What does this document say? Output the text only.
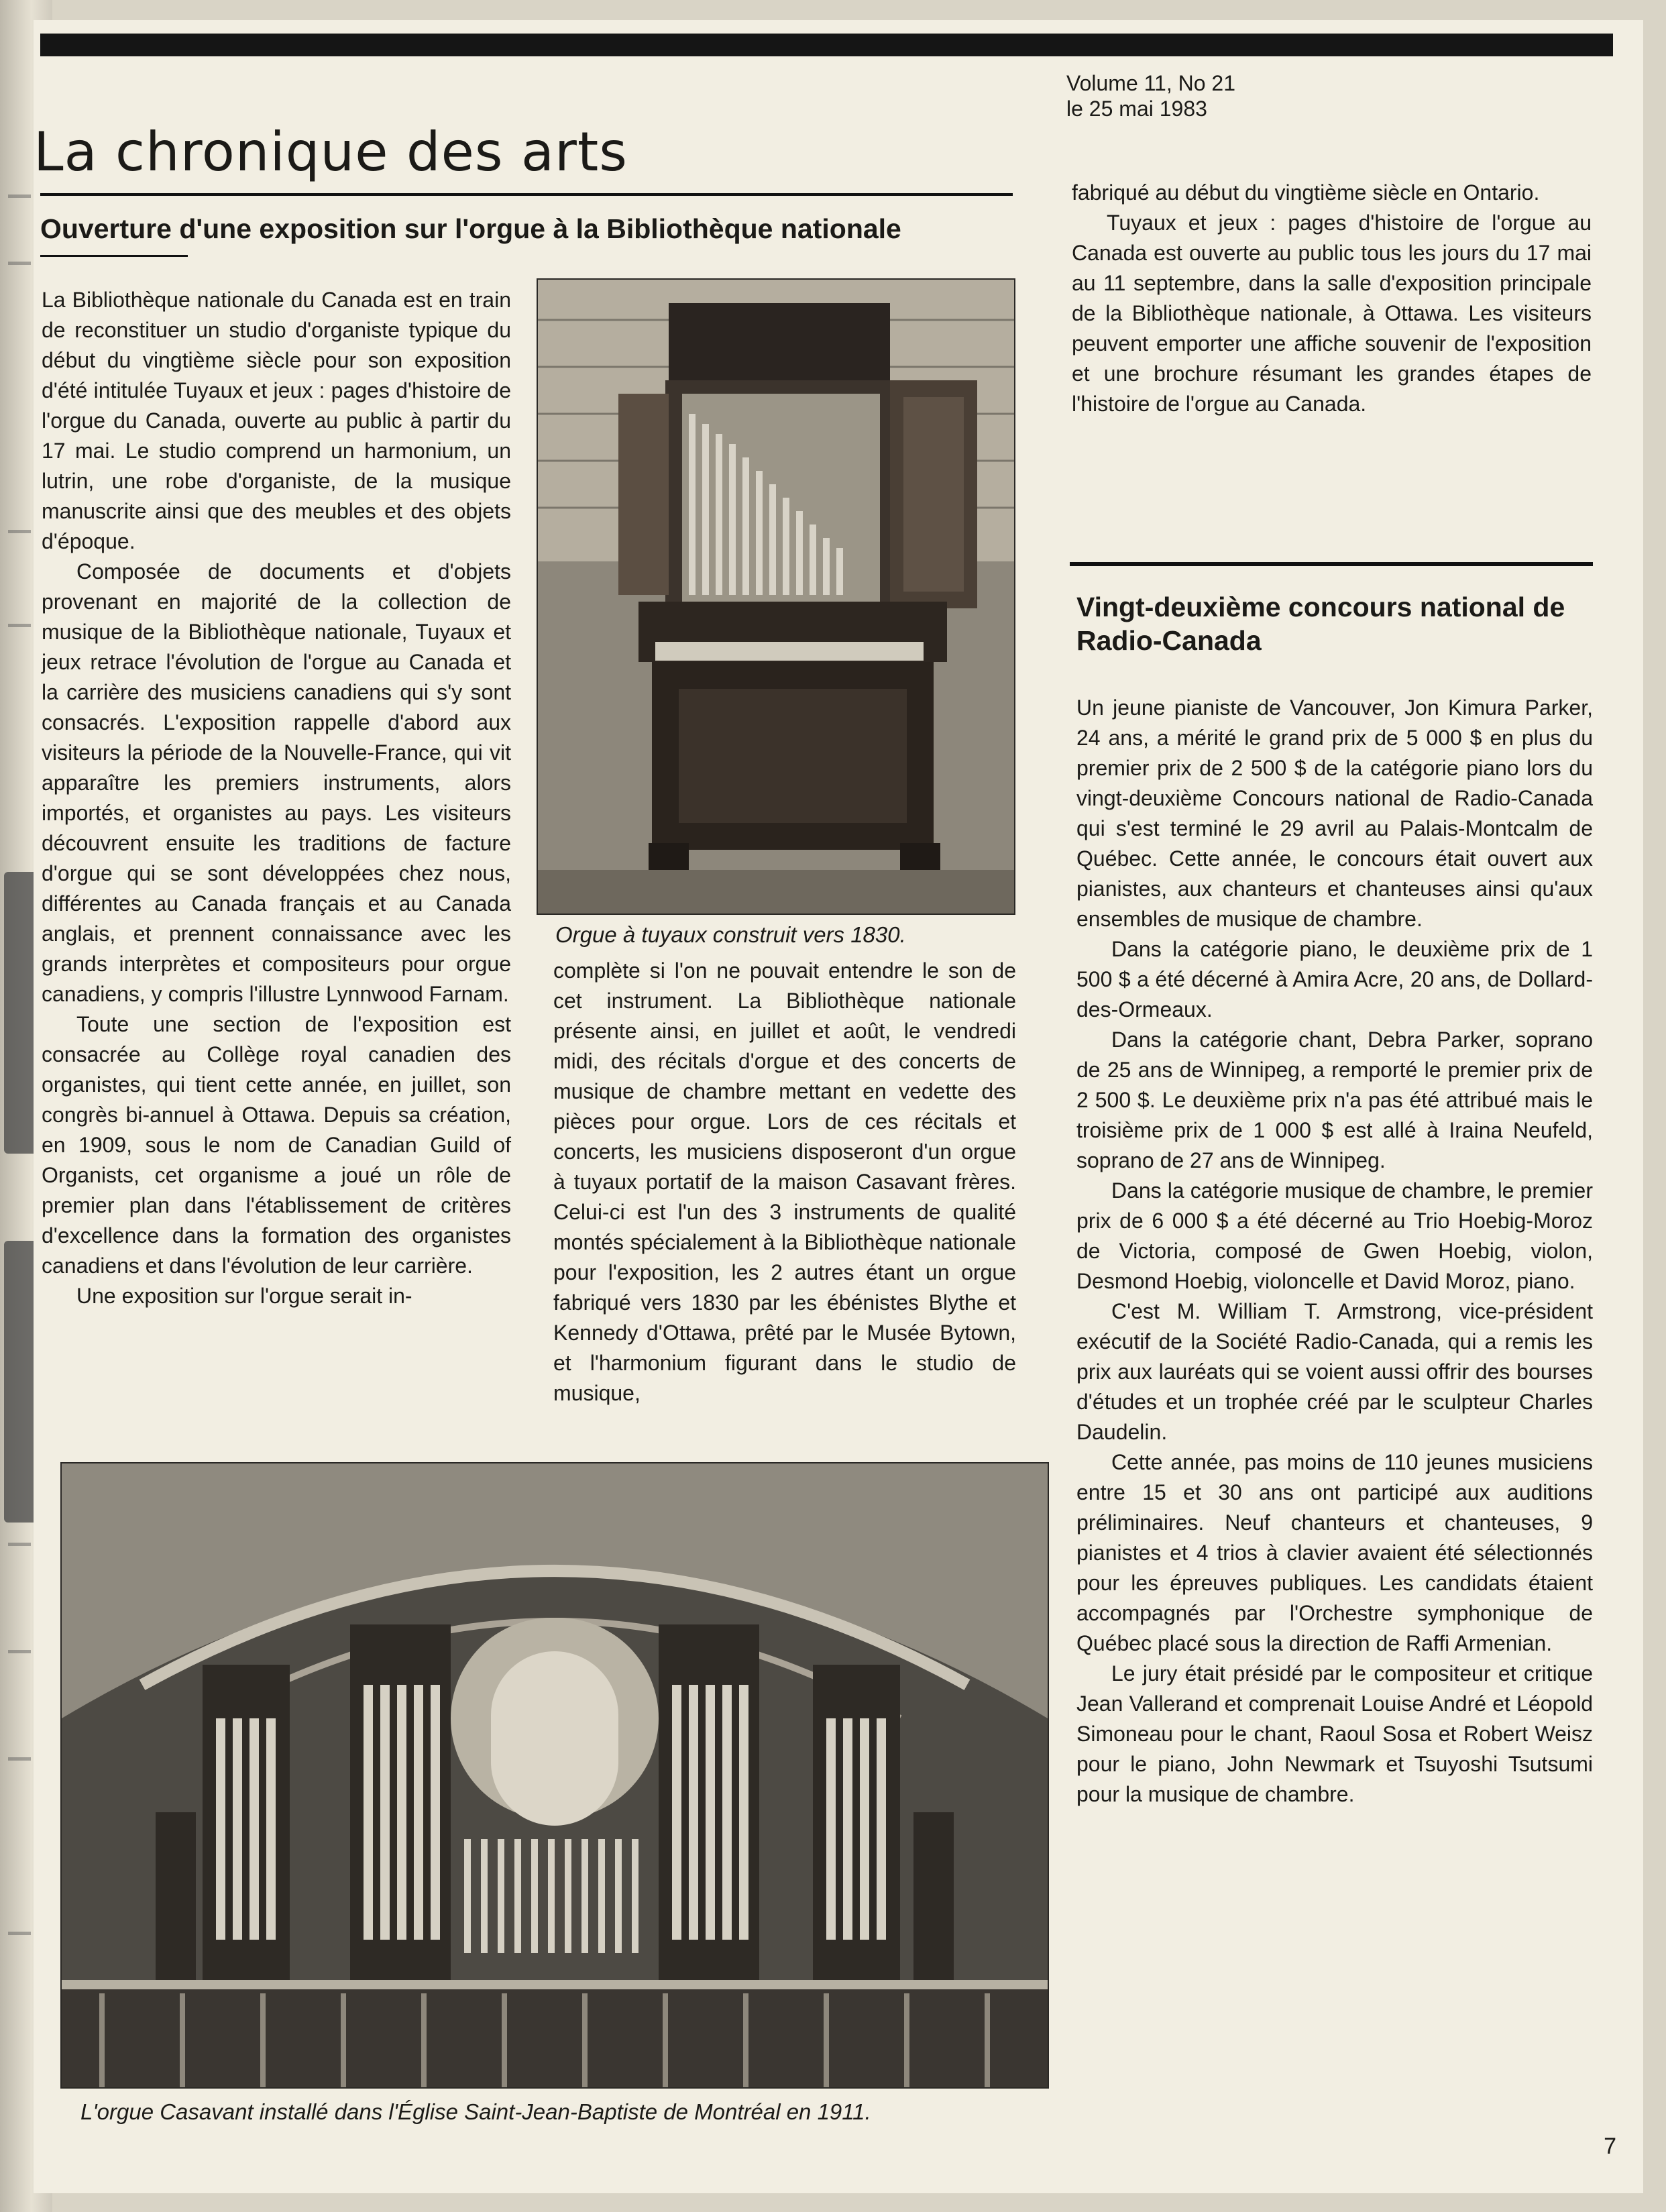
La chronique des arts
Volume 11, No 21
le 25 mai 1983
Ouverture d'une exposition sur l'orgue à la Bibliothèque nationale

La Bibliothèque nationale du Canada est en train de reconstituer un studio d'organiste typique du début du vingtième siècle pour son exposition d'été intitulée Tuyaux et jeux : pages d'histoire de l'orgue du Canada, ouverte au public à partir du 17 mai. Le studio comprend un harmonium, un lutrin, une robe d'organiste, de la musique manuscrite ainsi que des meubles et des objets d'époque.

Composée de documents et d'objets provenant en majorité de la collection de musique de la Bibliothèque nationale, Tuyaux et jeux retrace l'évolution de l'orgue au Canada et la carrière des musiciens canadiens qui s'y sont consacrés. L'exposition rappelle d'abord aux visiteurs la période de la Nouvelle-France, qui vit apparaître les premiers instruments, alors importés, et organistes au pays. Les visiteurs découvrent ensuite les traditions de facture d'orgue qui se sont développées chez nous, différentes au Canada français et au Canada anglais, et prennent connaissance avec les grands interprètes et compositeurs pour orgue canadiens, y compris l'illustre Lynnwood Farnam.

Toute une section de l'exposition est consacrée au Collège royal canadien des organistes, qui tient cette année, en juillet, son congrès bi-annuel à Ottawa. Depuis sa création, en 1909, sous le nom de Canadian Guild of Organists, cet organisme a joué un rôle de premier plan dans l'établissement de critères d'excellence dans la formation des organistes canadiens et dans l'évolution de leur carrière.

Une exposition sur l'orgue serait in-

Orgue à tuyaux construit vers 1830.

complète si l'on ne pouvait entendre le son de cet instrument. La Bibliothèque nationale présente ainsi, en juillet et août, le vendredi midi, des récitals d'orgue et des concerts de musique de chambre mettant en vedette des pièces pour orgue. Lors de ces récitals et concerts, les musiciens disposeront d'un orgue à tuyaux portatif de la maison Casavant frères. Celui-ci est l'un des 3 instruments de qualité montés spécialement à la Bibliothèque nationale pour l'exposition, les 2 autres étant un orgue fabriqué vers 1830 par les ébénistes Blythe et Kennedy d'Ottawa, prêté par le Musée Bytown, et l'harmonium figurant dans le studio de musique,

fabriqué au début du vingtième siècle en Ontario.

Tuyaux et jeux : pages d'histoire de l'orgue au Canada est ouverte au public tous les jours du 17 mai au 11 septembre, dans la salle d'exposition principale de la Bibliothèque nationale, à Ottawa. Les visiteurs peuvent emporter une affiche souvenir de l'exposition et une brochure résumant les grandes étapes de l'histoire de l'orgue au Canada.

Vingt-deuxième concours national de Radio-Canada

Un jeune pianiste de Vancouver, Jon Kimura Parker, 24 ans, a mérité le grand prix de 5 000 $ en plus du premier prix de 2 500 $ de la catégorie piano lors du vingt-deuxième Concours national de Radio-Canada qui s'est terminé le 29 avril au Palais-Montcalm de Québec. Cette année, le concours était ouvert aux pianistes, aux chanteurs et chanteuses ainsi qu'aux ensembles de musique de chambre.

Dans la catégorie piano, le deuxième prix de 1 500 $ a été décerné à Amira Acre, 20 ans, de Dollard-des-Ormeaux.

Dans la catégorie chant, Debra Parker, soprano de 25 ans de Winnipeg, a remporté le premier prix de 2 500 $. Le deuxième prix n'a pas été attribué mais le troisième prix de 1 000 $ est allé à Iraina Neufeld, soprano de 27 ans de Winnipeg.

Dans la catégorie musique de chambre, le premier prix de 6 000 $ a été décerné au Trio Hoebig-Moroz de Victoria, composé de Gwen Hoebig, violon, Desmond Hoebig, violoncelle et David Moroz, piano.

C'est M. William T. Armstrong, vice-président exécutif de la Société Radio-Canada, qui a remis les prix aux lauréats qui se voient aussi offrir des bourses d'études et un trophée créé par le sculpteur Charles Daudelin.

Cette année, pas moins de 110 jeunes musiciens entre 15 et 30 ans ont participé aux auditions préliminaires. Neuf chanteurs et chanteuses, 9 pianistes et 4 trios à clavier avaient été sélectionnés pour les épreuves publiques. Les candidats étaient accompagnés par l'Orchestre symphonique de Québec placé sous la direction de Raffi Armenian.

Le jury était présidé par le compositeur et critique Jean Vallerand et comprenait Louise André et Léopold Simoneau pour le chant, Raoul Sosa et Robert Weisz pour le piano, John Newmark et Tsuyoshi Tsutsumi pour la musique de chambre.

L'orgue Casavant installé dans l'Église Saint-Jean-Baptiste de Montréal en 1911.
7
